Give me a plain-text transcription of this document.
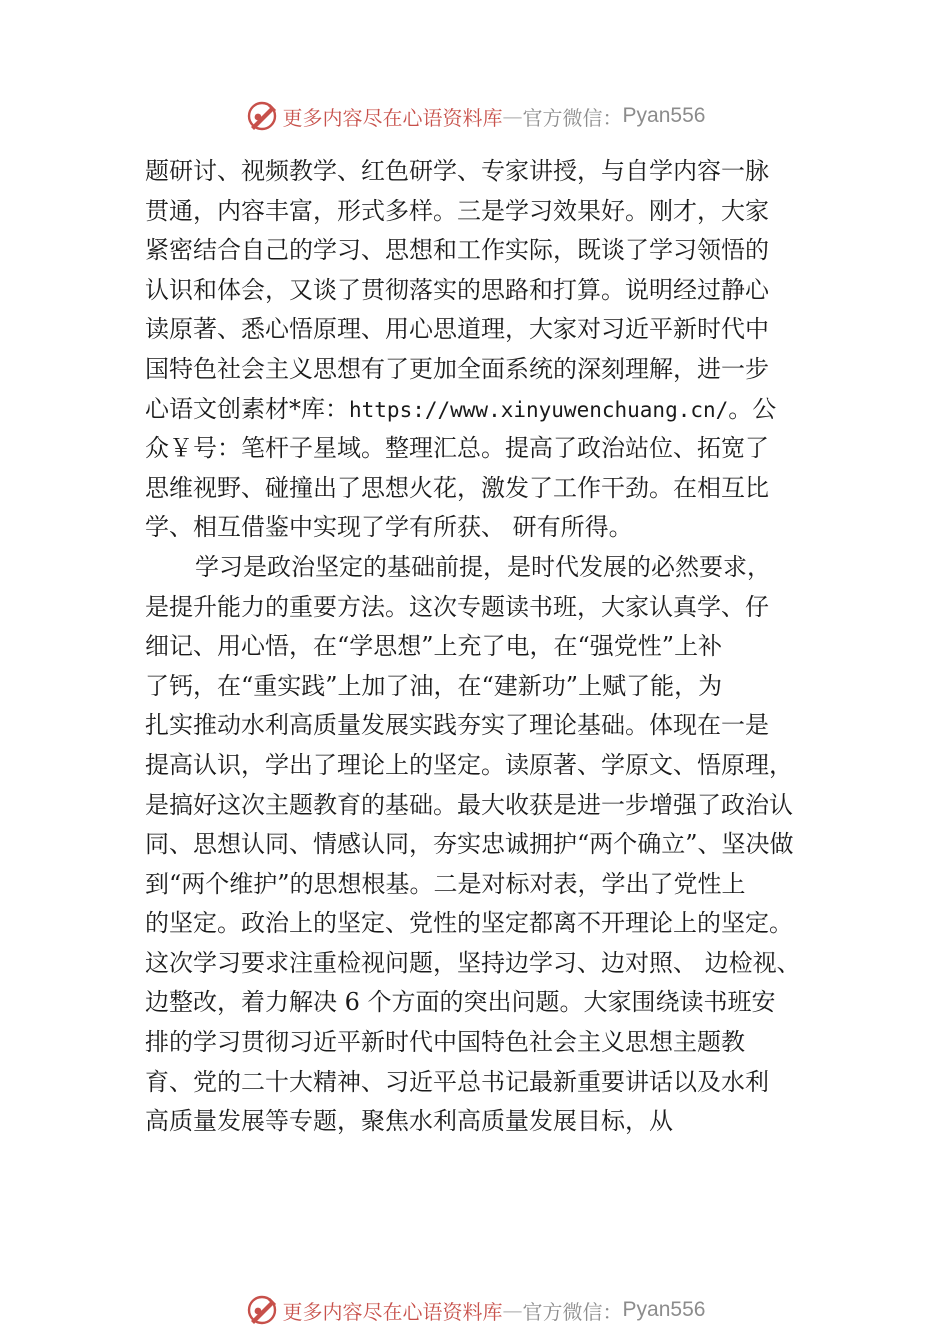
更多内容尽在心语资料库 — 官方微信： Pyan556
题研讨、视频教学、红色研学、专家讲授，与自学内容一脉
贯通，内容丰富，形式多样。三是学习效果好。刚才，大家
紧密结合自己的学习、思想和工作实际，既谈了学习领悟的
认识和体会，又谈了贯彻落实的思路和打算。说明经过静心
读原著、悉心悟原理、用心思道理，大家对习近平新时代中
国特色社会主义思想有了更加全面系统的深刻理解，进一步
心语文创素材*库：https://www.xinyuwenchuang.cn/。公
众￥号：笔杆子星域。整理汇总。提高了政治站位、拓宽了
思维视野、碰撞出了思想火花，激发了工作干劲。在相互比
学、相互借鉴中实现了学有所获、 研有所得。
学习是政治坚定的基础前提，是时代发展的必然要求，
是提升能力的重要方法。这次专题读书班，大家认真学、仔
细记、用心悟，在“学思想”上充了电，在“强党性”上补
了钙，在“重实践”上加了油，在“建新功”上赋了能，为
扎实推动水利高质量发展实践夯实了理论基础。体现在一是
提高认识，学出了理论上的坚定。读原著、学原文、悟原理，
是搞好这次主题教育的基础。最大收获是进一步增强了政治认
同、思想认同、情感认同，夯实忠诚拥护“两个确立”、坚决做
到“两个维护”的思想根基。二是对标对表，学出了党性上
的坚定。政治上的坚定、党性的坚定都离不开理论上的坚定。
这次学习要求注重检视问题，坚持边学习、边对照、 边检视、
边整改，着力解决 6 个方面的突出问题。大家围绕读书班安
排的学习贯彻习近平新时代中国特色社会主义思想主题教
育、党的二十大精神、习近平总书记最新重要讲话以及水利
高质量发展等专题，聚焦水利高质量发展目标，从
更多内容尽在心语资料库 — 官方微信： Pyan556
